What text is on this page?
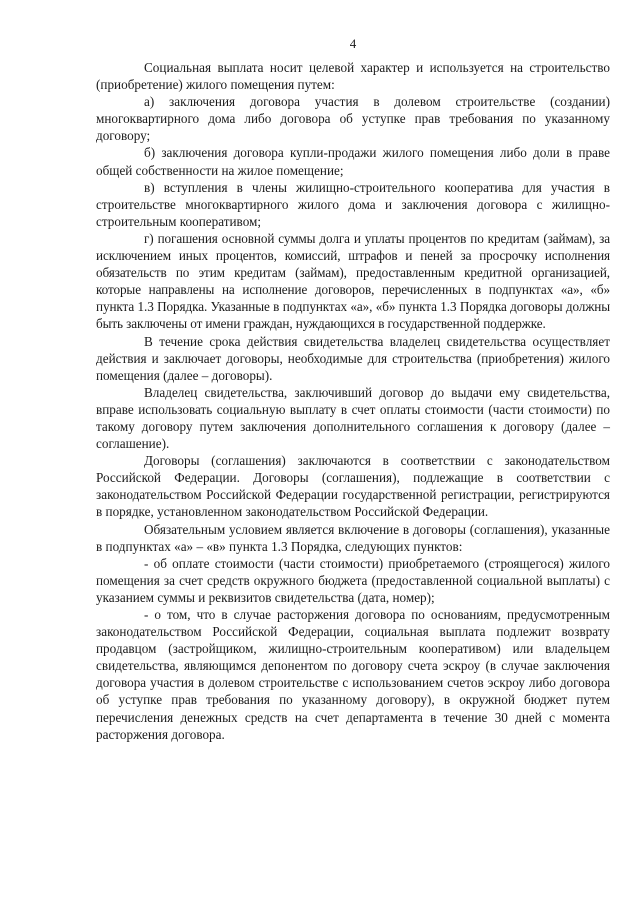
4

Социальная выплата носит целевой характер и используется на строительство (приобретение) жилого помещения путем:

а) заключения договора участия в долевом строительстве (создании) многоквартирного дома либо договора об уступке прав требования по указанному договору;

б) заключения договора купли-продажи жилого помещения либо доли в праве общей собственности на жилое помещение;

в) вступления в члены жилищно-строительного кооператива для участия в строительстве многоквартирного жилого дома и заключения договора с жилищно-строительным кооперативом;

г) погашения основной суммы долга и уплаты процентов по кредитам (займам), за исключением иных процентов, комиссий, штрафов и пеней за просрочку исполнения обязательств по этим кредитам (займам), предоставленным кредитной организацией, которые направлены на исполнение договоров, перечисленных в подпунктах «а», «б» пункта 1.3 Порядка. Указанные в подпунктах «а», «б» пункта 1.3 Порядка договоры должны быть заключены от имени граждан, нуждающихся в государственной поддержке.

В течение срока действия свидетельства владелец свидетельства осуществляет действия и заключает договоры, необходимые для строительства (приобретения) жилого помещения (далее – договоры).

Владелец свидетельства, заключивший договор до выдачи ему свидетельства, вправе использовать социальную выплату в счет оплаты стоимости (части стоимости) по такому договору путем заключения дополнительного соглашения к договору (далее – соглашение).

Договоры (соглашения) заключаются в соответствии с законодательством Российской Федерации. Договоры (соглашения), подлежащие в соответствии с законодательством Российской Федерации государственной регистрации, регистрируются в порядке, установленном законодательством Российской Федерации.

Обязательным условием является включение в договоры (соглашения), указанные в подпунктах «а» – «в» пункта 1.3 Порядка, следующих пунктов:

- об оплате стоимости (части стоимости) приобретаемого (строящегося) жилого помещения за счет средств окружного бюджета (предоставленной социальной выплаты) с указанием суммы и реквизитов свидетельства (дата, номер);

- о том, что в случае расторжения договора по основаниям, предусмотренным законодательством Российской Федерации, социальная выплата подлежит возврату продавцом (застройщиком, жилищно-строительным кооперативом) или владельцем свидетельства, являющимся депонентом по договору счета эскроу (в случае заключения договора участия в долевом строительстве с использованием счетов эскроу либо договора об уступке прав требования по указанному договору), в окружной бюджет путем перечисления денежных средств на счет департамента в течение 30 дней с момента расторжения договора.
